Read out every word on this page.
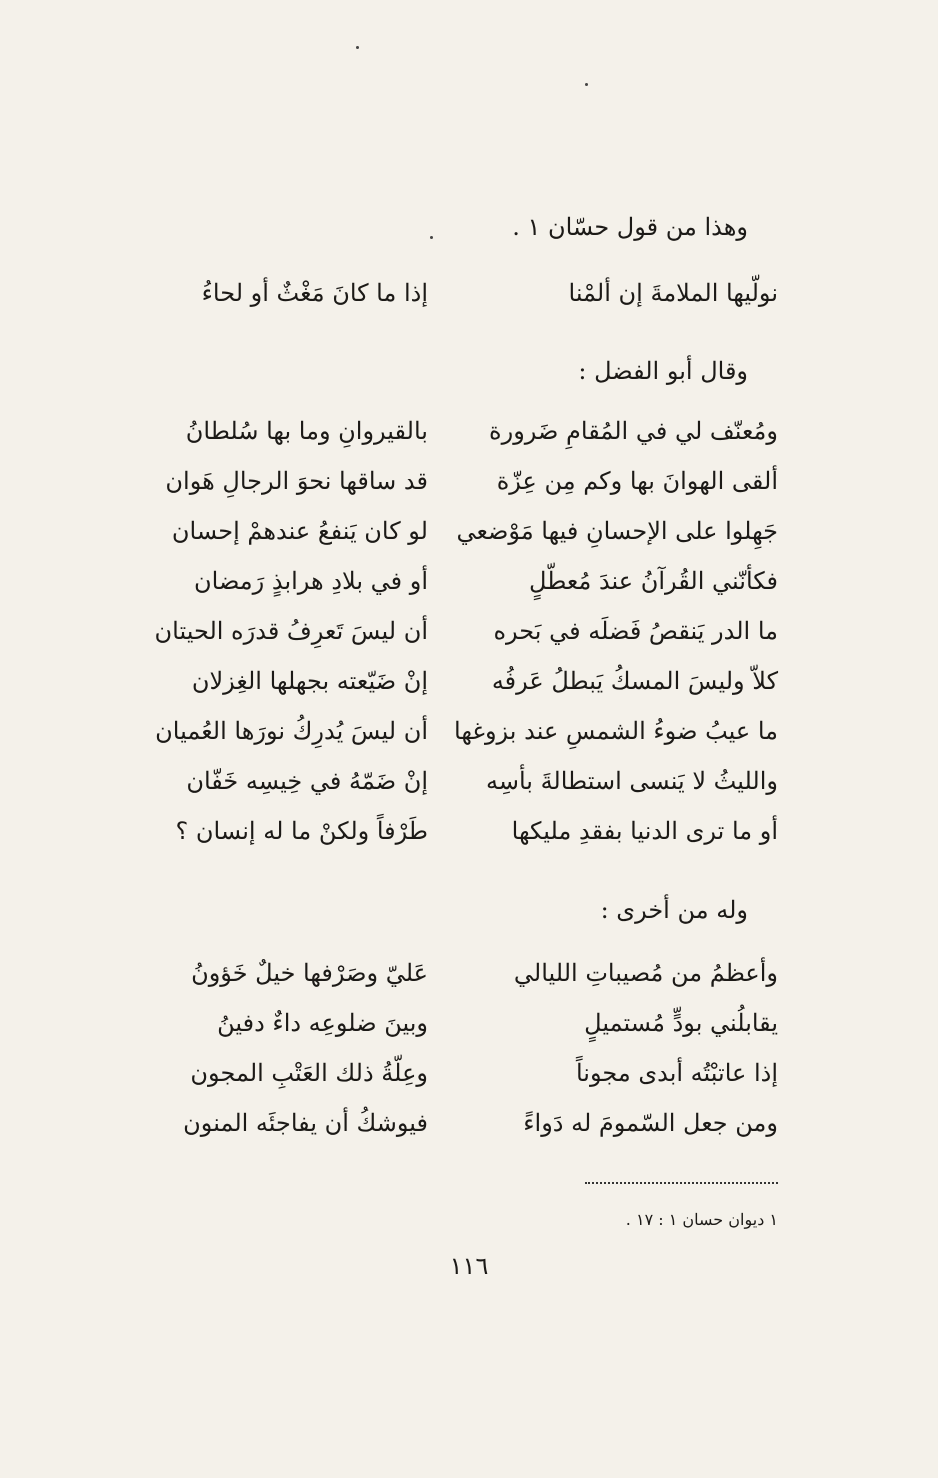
وهذا من قول حسّان ١ .
نولّيها الملامةَ إن ألمْنا
إذا ما كانَ مَغْثٌ أو لحاءُ
وقال أبو الفضل :
ومُعنّف لي في المُقامِ ضَرورة
بالقيروانِ وما بها سُلطانُ
ألقى الهوانَ بها وكم مِن عِزّة
قد ساقها نحوَ الرجالِ هَوان
جَهِلوا على الإحسانِ فيها مَوْضعي
لو كان يَنفعُ عندهمْ إحسان
فكأنّني القُرآنُ عندَ مُعطّلٍ
أو في بلادِ هرابذٍ رَمضان
ما الدر يَنقصُ فَضلَه في بَحره
أن ليسَ تَعرِفُ قدرَه الحيتان
كلاّ وليسَ المسكُ يَبطلُ عَرفُه
إنْ ضَيّعته بجهلها الغِزلان
ما عيبُ ضوءُ الشمسِ عند بزوغها
أن ليسَ يُدرِكُ نورَها العُميان
والليثُ لا يَنسى استطالةَ بأسِه
إنْ ضَمّهُ في خِيسِه خَفّان
أو ما ترى الدنيا بفقدِ مليكها
طَرْفاً ولكنْ ما له إنسان ؟
وله من أخرى :
وأعظمُ من مُصيباتِ الليالي
عَليّ وصَرْفها خيلٌ خَؤونُ
يقابلُني بودٍّ مُستميلٍ
وبينَ ضلوعِه داءٌ دفينُ
إذا عاتبْتُه أبدى مجوناً
وعِلّةُ ذلك العَتْبِ المجون
ومن جعل السّمومَ له دَواءً
فيوشكُ أن يفاجئَه المنون
١ ديوان حسان ١ : ١٧ .
١١٦
